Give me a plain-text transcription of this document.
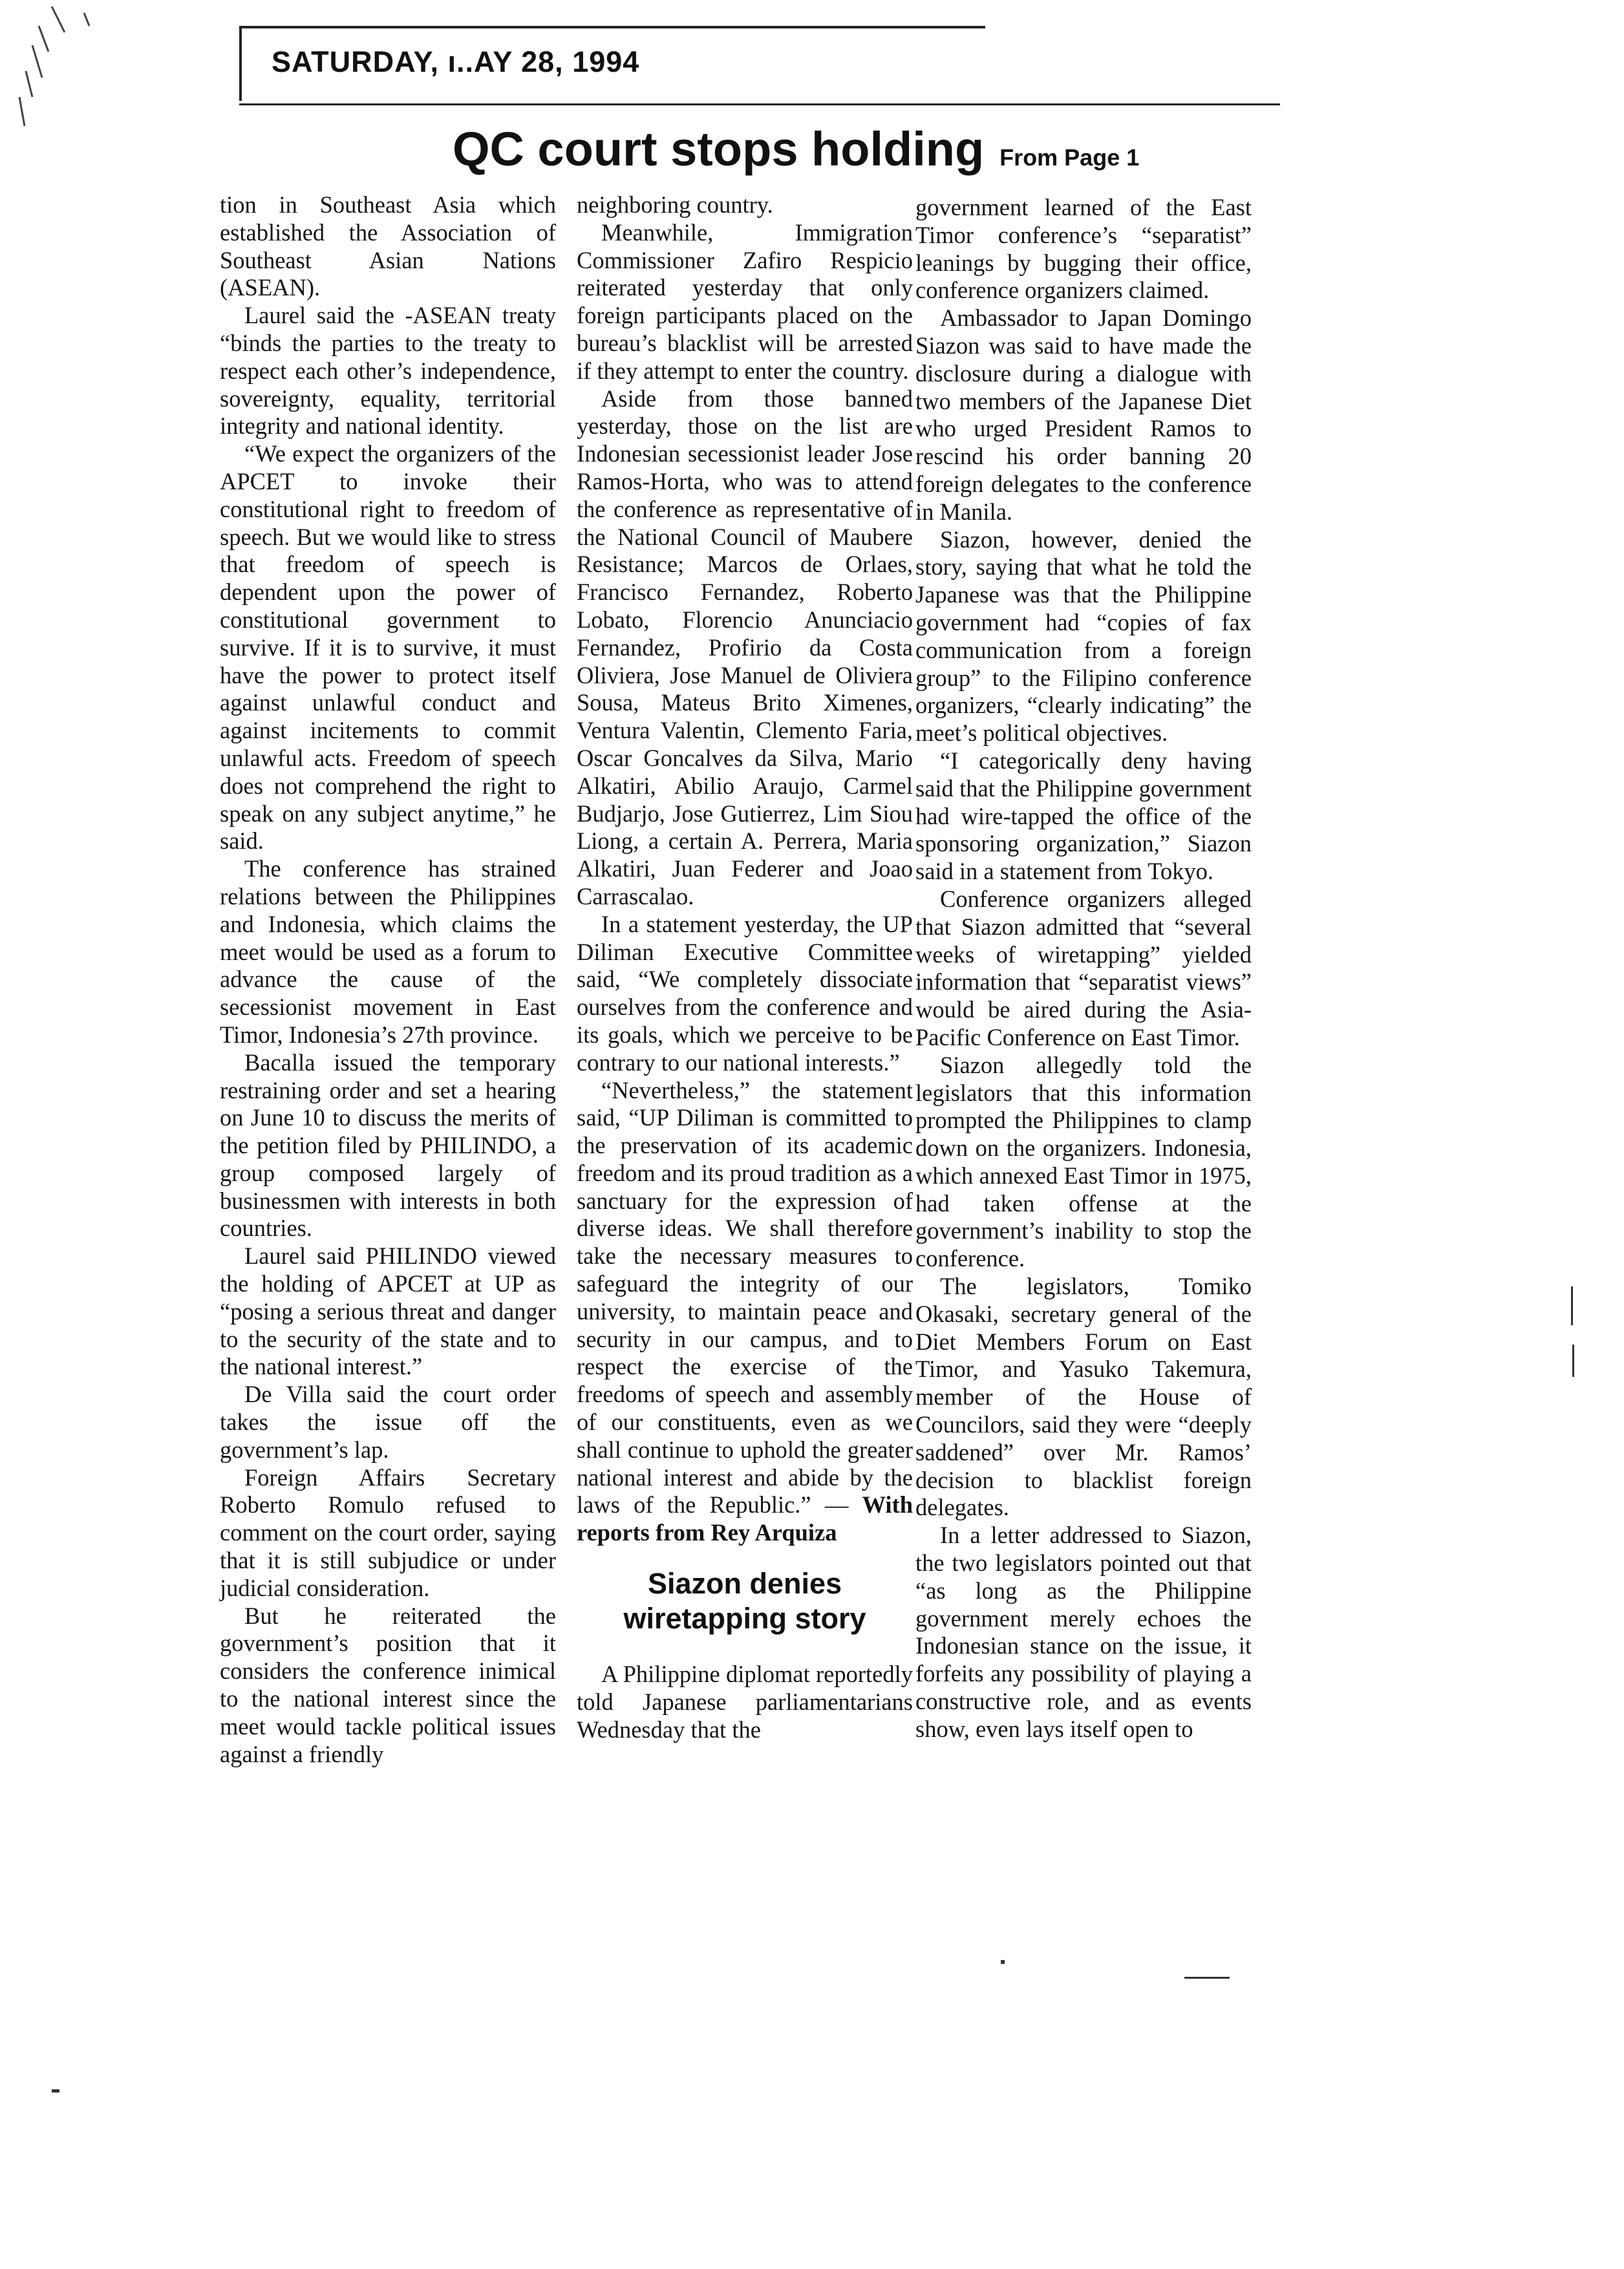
SATURDAY, ı..AY 28, 1994
QC court stops holding From Page 1

tion in Southeast Asia which established the Association of Southeast Asian Nations (ASEAN).

Laurel said the -ASEAN treaty “binds the parties to the treaty to respect each other’s independence, sovereignty, equality, territorial integrity and national identity.

“We expect the organizers of the APCET to invoke their constitutional right to freedom of speech. But we would like to stress that freedom of speech is dependent upon the power of constitutional government to survive. If it is to survive, it must have the power to protect itself against unlawful conduct and against incitements to commit unlawful acts. Freedom of speech does not comprehend the right to speak on any subject anytime,” he said.

The conference has strained relations between the Philippines and Indonesia, which claims the meet would be used as a forum to advance the cause of the secessionist movement in East Timor, Indonesia’s 27th province.

Bacalla issued the temporary restraining order and set a hearing on June 10 to discuss the merits of the petition filed by PHILINDO, a group composed largely of businessmen with interests in both countries.

Laurel said PHILINDO viewed the holding of APCET at UP as “posing a serious threat and danger to the security of the state and to the national interest.”

De Villa said the court order takes the issue off the government’s lap.

Foreign Affairs Secretary Roberto Romulo refused to comment on the court order, saying that it is still subjudice or under judicial consideration.

But he reiterated the government’s position that it considers the conference inimical to the national interest since the meet would tackle political issues against a friendly

neighboring country.

Meanwhile, Immigration Commissioner Zafiro Respicio reiterated yesterday that only foreign participants placed on the bureau’s blacklist will be arrested if they attempt to enter the country.

Aside from those banned yesterday, those on the list are Indonesian secessionist leader Jose Ramos-Horta, who was to attend the conference as representative of the National Council of Maubere Resistance; Marcos de Orlaes, Francisco Fernandez, Roberto Lobato, Florencio Anunciacio Fernandez, Profirio da Costa Oliviera, Jose Manuel de Oliviera Sousa, Mateus Brito Ximenes, Ventura Valentin, Clemento Faria, Oscar Goncalves da Silva, Mario Alkatiri, Abilio Araujo, Carmel Budjarjo, Jose Gutierrez, Lim Siou Liong, a certain A. Perrera, Maria Alkatiri, Juan Federer and Joao Carrascalao.

In a statement yesterday, the UP Diliman Executive Committee said, “We completely dissociate ourselves from the conference and its goals, which we perceive to be contrary to our national interests.”

“Nevertheless,” the statement said, “UP Diliman is committed to the preservation of its academic freedom and its proud tradition as a sanctuary for the expression of diverse ideas. We shall therefore take the necessary measures to safeguard the integrity of our university, to maintain peace and security in our campus, and to respect the exercise of the freedoms of speech and assembly of our constituents, even as we shall continue to uphold the greater national interest and abide by the laws of the Republic.” — With reports from Rey Arquiza

Siazon denies wiretapping story

A Philippine diplomat reportedly told Japanese parliamentarians Wednesday that the

government learned of the East Timor conference’s “separatist” leanings by bugging their office, conference organizers claimed.

Ambassador to Japan Domingo Siazon was said to have made the disclosure during a dialogue with two members of the Japanese Diet who urged President Ramos to rescind his order banning 20 foreign delegates to the conference in Manila.

Siazon, however, denied the story, saying that what he told the Japanese was that the Philippine government had “copies of fax communication from a foreign group” to the Filipino conference organizers, “clearly indicating” the meet’s political objectives.

“I categorically deny having said that the Philippine government had wire-tapped the office of the sponsoring organization,” Siazon said in a statement from Tokyo.

Conference organizers alleged that Siazon admitted that “several weeks of wiretapping” yielded information that “separatist views” would be aired during the Asia-Pacific Conference on East Timor.

Siazon allegedly told the legislators that this information prompted the Philippines to clamp down on the organizers. Indonesia, which annexed East Timor in 1975, had taken offense at the government’s inability to stop the conference.

The legislators, Tomiko Okasaki, secretary general of the Diet Members Forum on East Timor, and Yasuko Takemura, member of the House of Councilors, said they were “deeply saddened” over Mr. Ramos’ decision to blacklist foreign delegates.

In a letter addressed to Siazon, the two legislators pointed out that “as long as the Philippine government merely echoes the Indonesian stance on the issue, it forfeits any possibility of playing a constructive role, and as events show, even lays itself open to
